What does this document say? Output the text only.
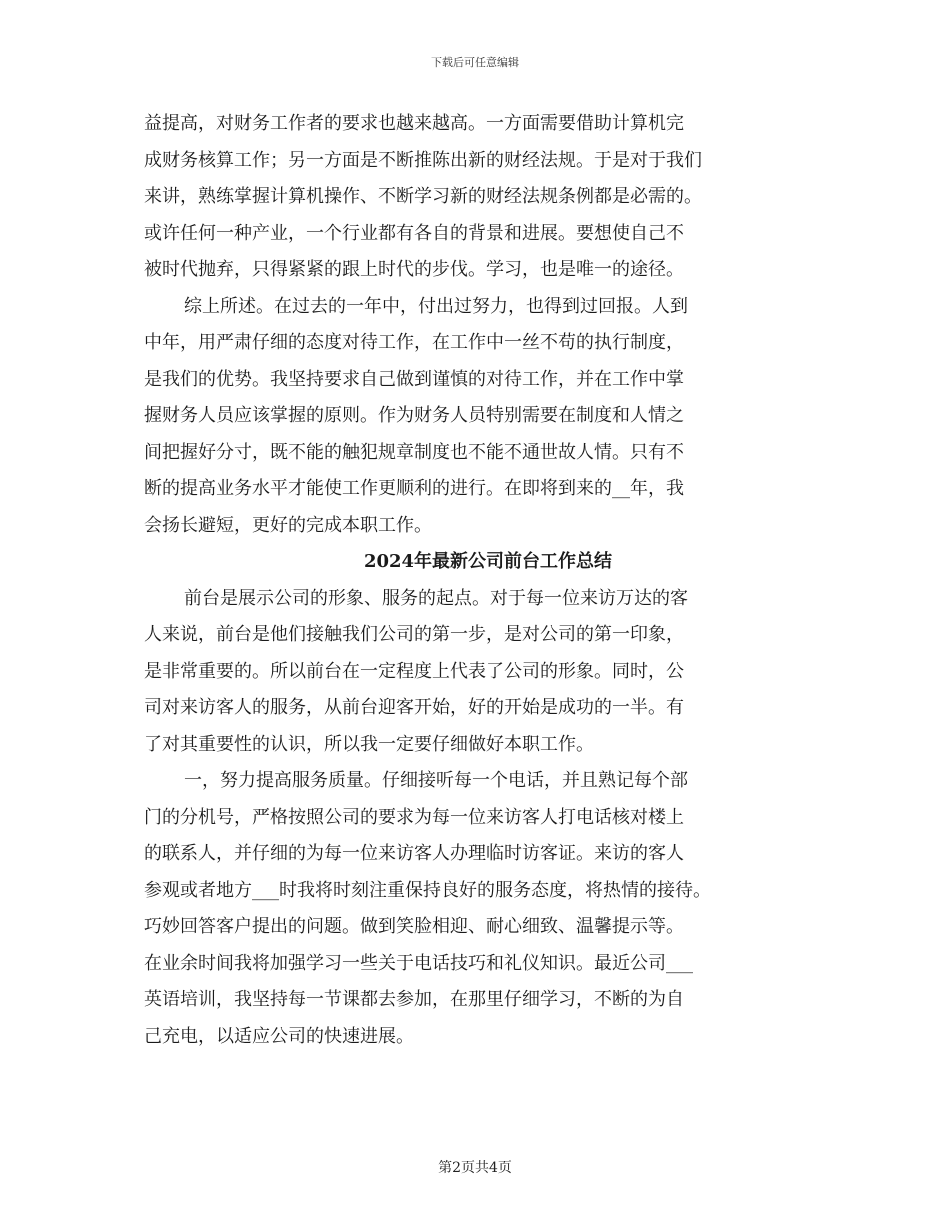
下载后可任意编辑
益提高，对财务工作者的要求也越来越高。一方面需要借助计算机完
成财务核算工作；另一方面是不断推陈出新的财经法规。于是对于我们
来讲，熟练掌握计算机操作、不断学习新的财经法规条例都是必需的。
或许任何一种产业，一个行业都有各自的背景和进展。要想使自己不
被时代抛弃，只得紧紧的跟上时代的步伐。学习，也是唯一的途径。
综上所述。在过去的一年中，付出过努力，也得到过回报。人到
中年，用严肃仔细的态度对待工作，在工作中一丝不苟的执行制度，
是我们的优势。我坚持要求自己做到谨慎的对待工作，并在工作中掌
握财务人员应该掌握的原则。作为财务人员特别需要在制度和人情之
间把握好分寸，既不能的触犯规章制度也不能不通世故人情。只有不
断的提高业务水平才能使工作更顺利的进行。在即将到来的__年，我
会扬长避短，更好的完成本职工作。
2024年最新公司前台工作总结
前台是展示公司的形象、服务的起点。对于每一位来访万达的客
人来说，前台是他们接触我们公司的第一步，是对公司的第一印象，
是非常重要的。所以前台在一定程度上代表了公司的形象。同时，公
司对来访客人的服务，从前台迎客开始，好的开始是成功的一半。有
了对其重要性的认识，所以我一定要仔细做好本职工作。
一，努力提高服务质量。仔细接听每一个电话，并且熟记每个部
门的分机号，严格按照公司的要求为每一位来访客人打电话核对楼上
的联系人，并仔细的为每一位来访客人办理临时访客证。来访的客人
参观或者地方___时我将时刻注重保持良好的服务态度，将热情的接待。
巧妙回答客户提出的问题。做到笑脸相迎、耐心细致、温馨提示等。
在业余时间我将加强学习一些关于电话技巧和礼仪知识。最近公司___
英语培训，我坚持每一节课都去参加，在那里仔细学习，不断的为自
己充电，以适应公司的快速进展。
第2页共4页
